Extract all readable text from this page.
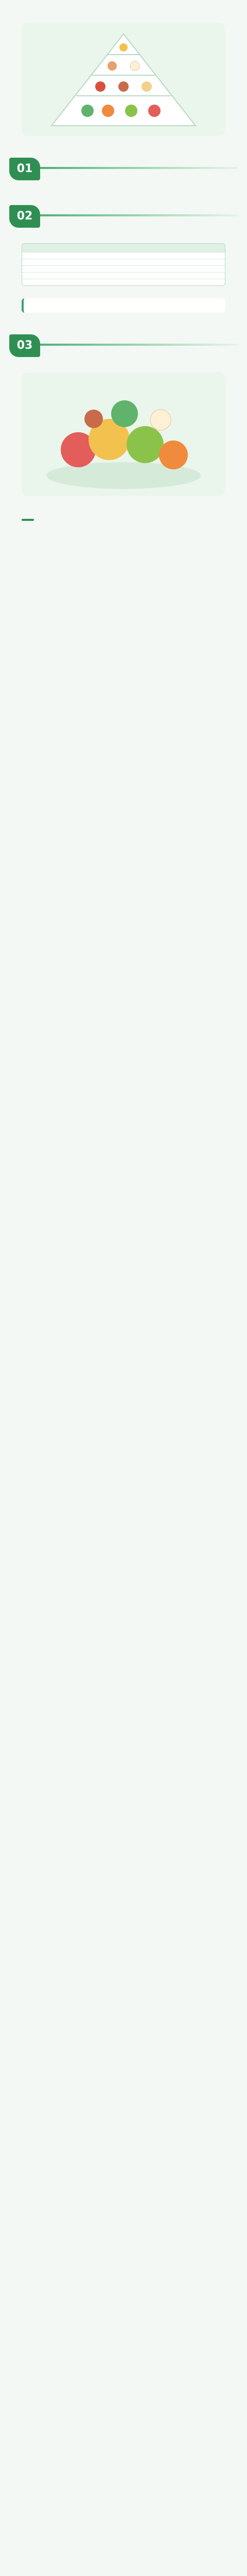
01

02

03
